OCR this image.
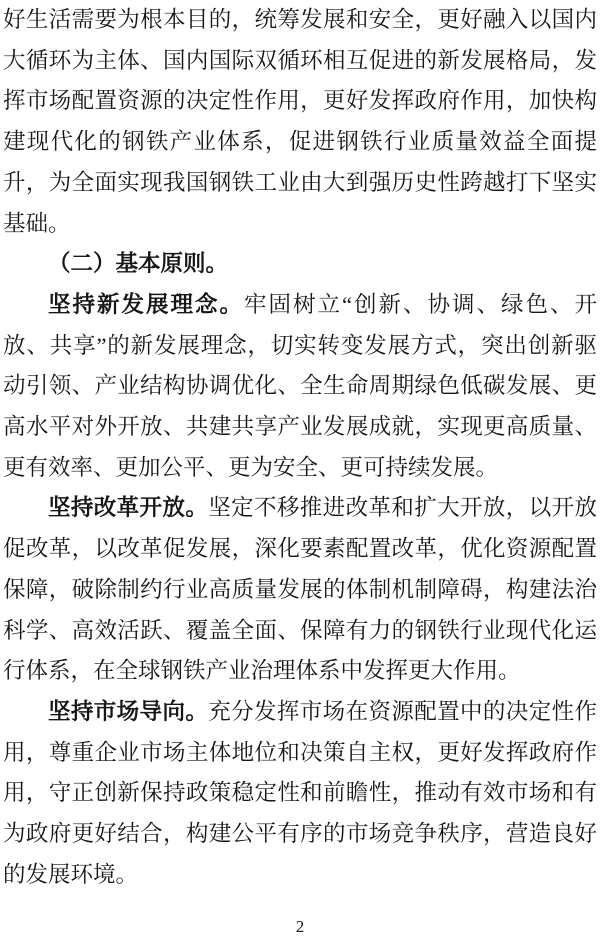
好生活需要为根本目的，统筹发展和安全，更好融入以国内大循环为主体、国内国际双循环相互促进的新发展格局，发挥市场配置资源的决定性作用，更好发挥政府作用，加快构建现代化的钢铁产业体系，促进钢铁行业质量效益全面提升，为全面实现我国钢铁工业由大到强历史性跨越打下坚实基础。

（二）基本原则。

坚持新发展理念。牢固树立“创新、协调、绿色、开放、共享”的新发展理念，切实转变发展方式，突出创新驱动引领、产业结构协调优化、全生命周期绿色低碳发展、更高水平对外开放、共建共享产业发展成就，实现更高质量、更有效率、更加公平、更为安全、更可持续发展。

坚持改革开放。坚定不移推进改革和扩大开放，以开放促改革，以改革促发展，深化要素配置改革，优化资源配置保障，破除制约行业高质量发展的体制机制障碍，构建法治科学、高效活跃、覆盖全面、保障有力的钢铁行业现代化运行体系，在全球钢铁产业治理体系中发挥更大作用。

坚持市场导向。充分发挥市场在资源配置中的决定性作用，尊重企业市场主体地位和决策自主权，更好发挥政府作用，守正创新保持政策稳定性和前瞻性，推动有效市场和有为政府更好结合，构建公平有序的市场竞争秩序，营造良好的发展环境。

2
